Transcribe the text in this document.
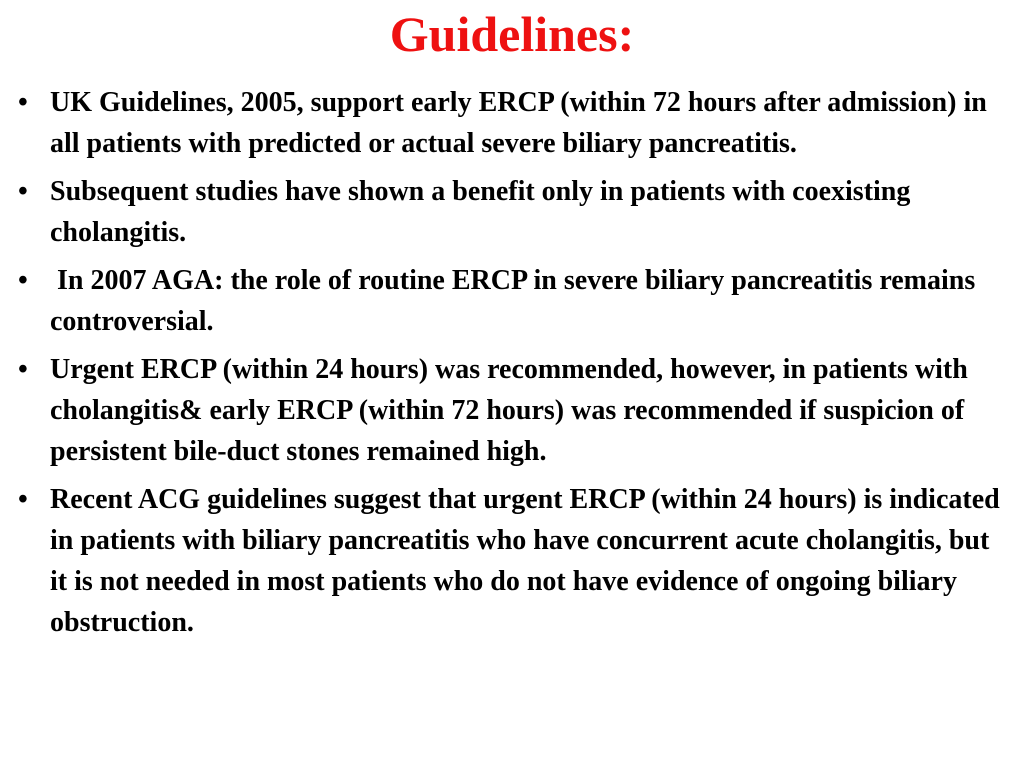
Guidelines:
• UK Guidelines, 2005, support early ERCP (within 72 hours after admission) in all patients with predicted or actual severe biliary pancreatitis.
• Subsequent studies have shown a benefit only in patients with coexisting cholangitis.
• In 2007 AGA: the role of routine ERCP in severe biliary pancreatitis remains controversial.
• Urgent ERCP (within 24 hours) was recommended, however, in patients with cholangitis& early ERCP (within 72 hours) was recommended if suspicion of persistent bile-duct stones remained high.
• Recent ACG guidelines suggest that urgent ERCP (within 24 hours) is indicated in patients with biliary pancreatitis who have concurrent acute cholangitis, but it is not needed in most patients who do not have evidence of ongoing biliary obstruction.
